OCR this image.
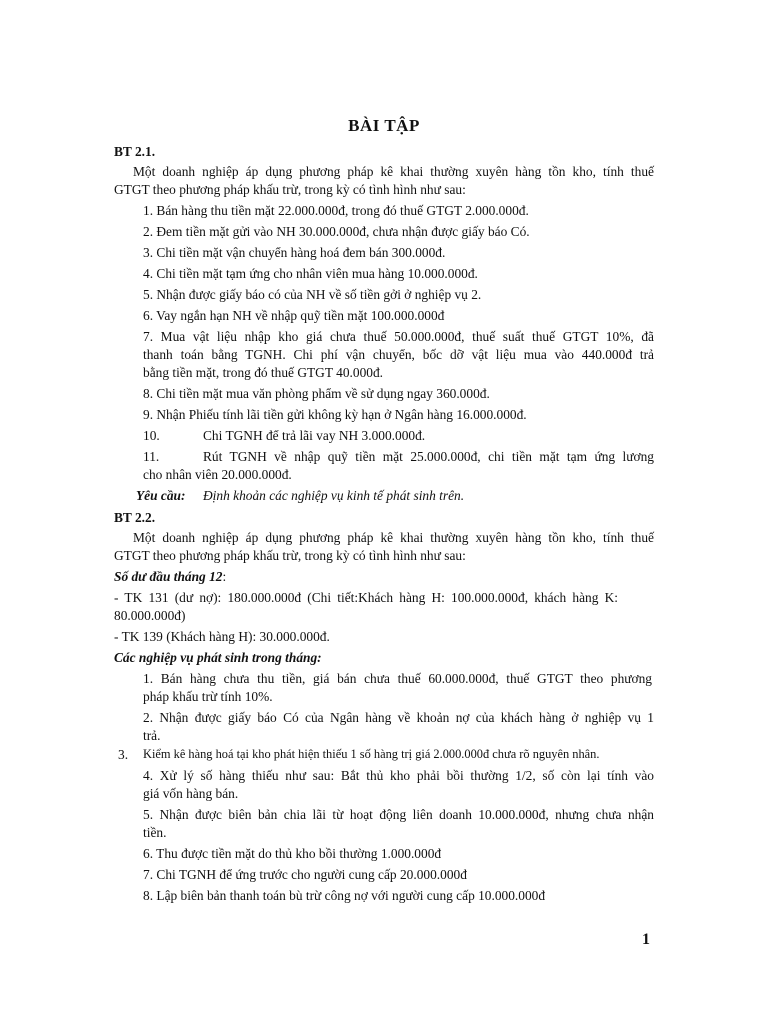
BÀI TẬP
BT 2.1.
Một doanh nghiệp áp dụng phương pháp kê khai thường xuyên hàng tồn kho, tính thuế
GTGT theo phương pháp khấu trừ, trong kỳ có tình hình như sau:
1. Bán hàng thu tiền mặt 22.000.000đ, trong đó thuế GTGT 2.000.000đ.
2. Đem tiền mặt gửi vào NH 30.000.000đ, chưa nhận được giấy báo Có.
3. Chi tiền mặt vận chuyển hàng hoá đem bán 300.000đ.
4. Chi tiền mặt tạm ứng cho nhân viên mua hàng 10.000.000đ.
5. Nhận được giấy báo có của NH về số tiền gởi ở nghiệp vụ 2.
6. Vay ngắn hạn NH về nhập quỹ tiền mặt 100.000.000đ
7. Mua vật liệu nhập kho giá chưa thuế 50.000.000đ, thuế suất thuế GTGT 10%, đã
thanh toán bằng TGNH. Chi phí vận chuyển, bốc dỡ vật liệu mua vào 440.000đ trả
bằng tiền mặt, trong đó thuế GTGT 40.000đ.
8. Chi tiền mặt mua văn phòng phẩm về sử dụng ngay 360.000đ.
9. Nhận Phiếu tính lãi tiền gửi không kỳ hạn ở Ngân hàng 16.000.000đ.
10.	Chi TGNH để trả lãi vay NH 3.000.000đ.
11.	Rút TGNH về nhập quỹ tiền mặt 25.000.000đ, chi tiền mặt tạm ứng lương
cho nhân viên 20.000.000đ.
Yêu cầu: Định khoản các nghiệp vụ kinh tế phát sinh trên.
BT 2.2.
Một doanh nghiệp áp dụng phương pháp kê khai thường xuyên hàng tồn kho, tính thuế
GTGT theo phương pháp khấu trừ, trong kỳ có tình hình như sau:
Số dư đầu tháng 12:
- TK 131 (dư nợ): 180.000.000đ (Chi tiết:Khách hàng H: 100.000.000đ, khách hàng K:
80.000.000đ)
- TK 139 (Khách hàng H): 30.000.000đ.
Các nghiệp vụ phát sinh trong tháng:
1. Bán hàng chưa thu tiền, giá bán chưa thuế 60.000.000đ, thuế GTGT theo phương
pháp khấu trừ tính 10%.
2. Nhận được giấy báo Có của Ngân hàng về khoản nợ của khách hàng ở nghiệp vụ 1
trả.
3. Kiểm kê hàng hoá tại kho phát hiện thiếu 1 số hàng trị giá 2.000.000đ chưa rõ nguyên nhân.
4. Xử lý số hàng thiếu như sau: Bắt thủ kho phải bồi thường 1/2, số còn lại tính vào
giá vốn hàng bán.
5. Nhận được biên bản chia lãi từ hoạt động liên doanh 10.000.000đ, nhưng chưa nhận
tiền.
6. Thu được tiền mặt do thủ kho bồi thường 1.000.000đ
7. Chi TGNH để ứng trước cho người cung cấp 20.000.000đ
8. Lập biên bản thanh toán bù trừ công nợ với người cung cấp 10.000.000đ
1
